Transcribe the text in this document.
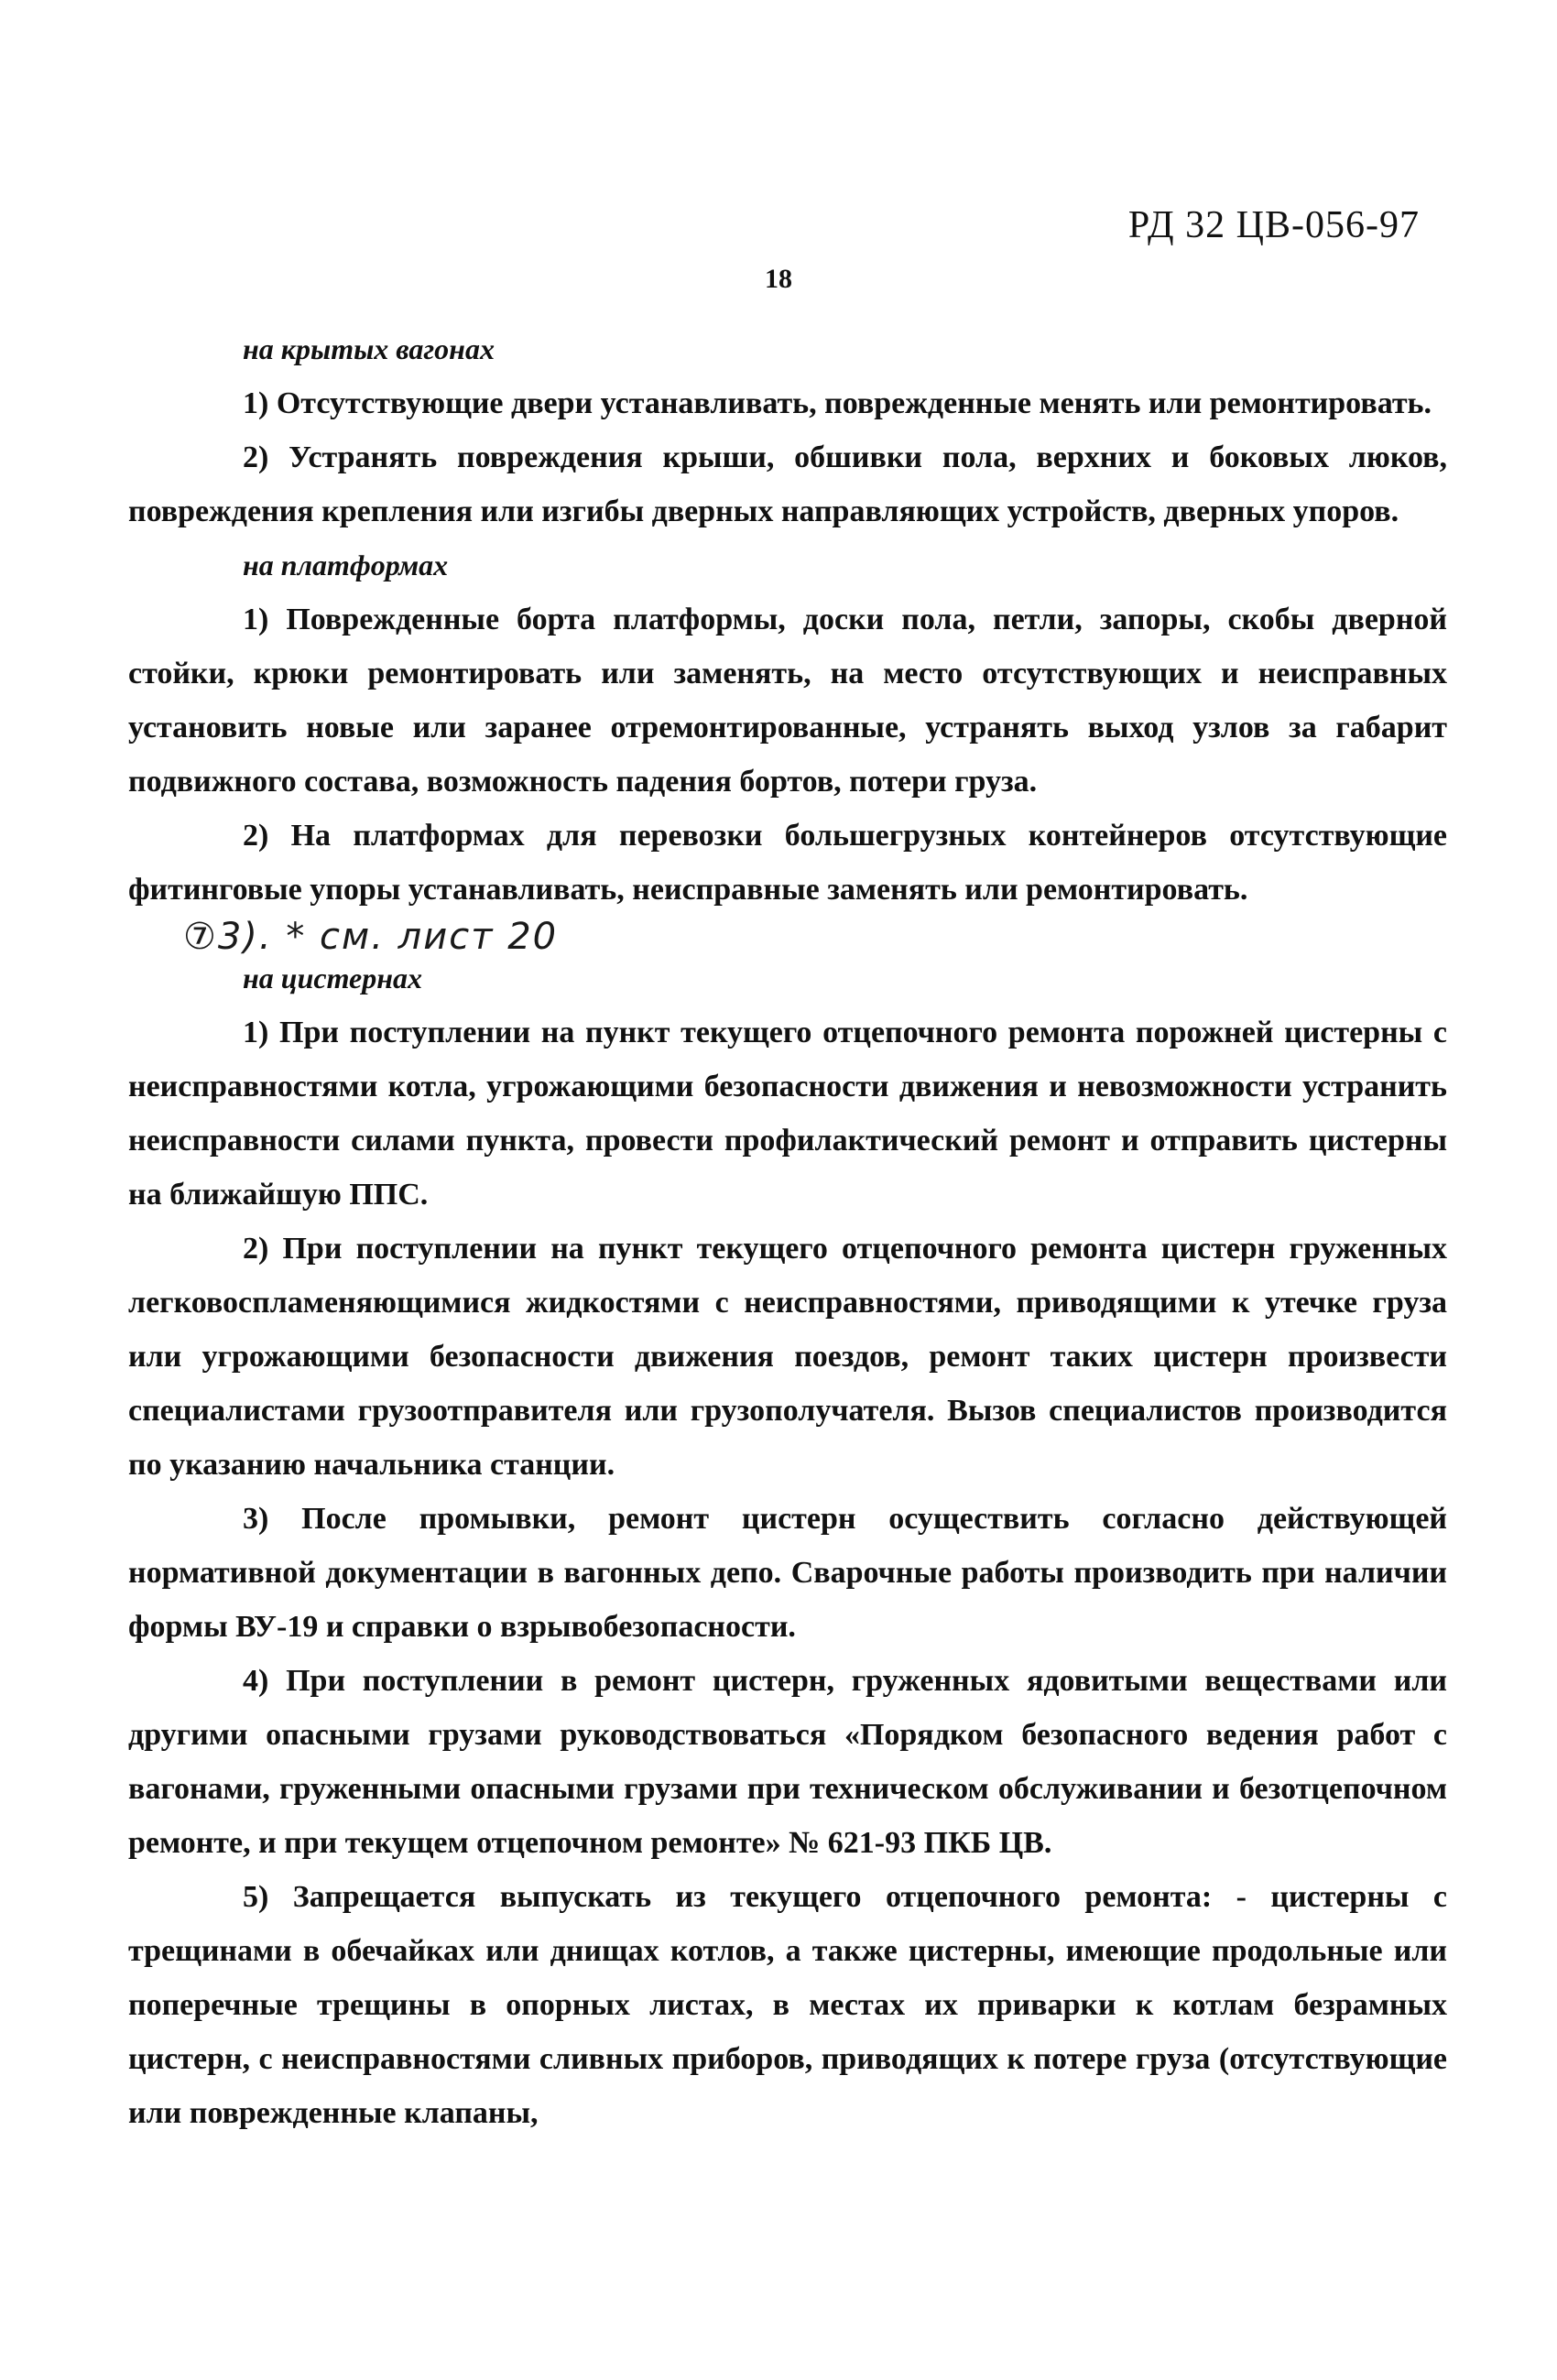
РД 32 ЦВ-056-97
18
на крытых вагонах

1) Отсутствующие двери устанавливать, поврежденные менять или ремонтировать.

2) Устранять повреждения крыши, обшивки пола, верхних и боковых люков, повреждения крепления или изгибы дверных направляющих устройств, дверных упоров.

на платформах

1) Поврежденные борта платформы, доски пола, петли, запоры, скобы дверной стойки, крюки ремонтировать или заменять, на место отсутствующих и неисправных установить новые или заранее отремонтированные, устранять выход узлов за габарит подвижного состава, возможность падения бортов, потери груза.

2) На платформах для перевозки большегрузных контейнеров отсутствующие фитинговые упоры устанавливать, неисправные заменять или ремонтировать.

⑦3). * см. лист 20
на цистернах

1) При поступлении на пункт текущего отцепочного ремонта порожней цистерны с неисправностями котла, угрожающими безопасности движения и невозможности устранить неисправности силами пункта, провести профилактический ремонт и отправить цистерны на ближайшую ППС.

2) При поступлении на пункт текущего отцепочного ремонта цистерн груженных легковоспламеняющимися жидкостями с неисправностями, приводящими к утечке груза или угрожающими безопасности движения поездов, ремонт таких цистерн произвести специалистами грузоотправителя или грузополучателя. Вызов специалистов производится по указанию начальника станции.

3) После промывки, ремонт цистерн осуществить согласно действующей нормативной документации в вагонных депо. Сварочные работы производить при наличии формы ВУ-19 и справки о взрывобезопасности.

4) При поступлении в ремонт цистерн, груженных ядовитыми веществами или другими опасными грузами руководствоваться «Порядком безопасного ведения работ с вагонами, груженными опасными грузами при техническом обслуживании и безотцепочном ремонте, и при текущем отцепочном ремонте» № 621-93 ПКБ ЦВ.

5) Запрещается выпускать из текущего отцепочного ремонта: - цистерны с трещинами в обечайках или днищах котлов, а также цистерны, имеющие продольные или поперечные трещины в опорных листах, в местах их приварки к котлам безрамных цистерн, с неисправностями сливных приборов, приводящих к потере груза (отсутствующие или поврежденные клапаны,
